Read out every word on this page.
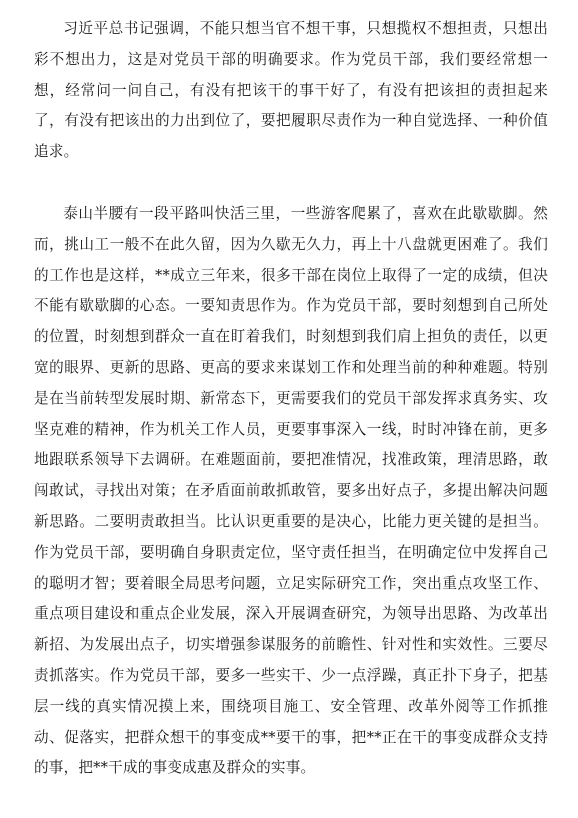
习近平总书记强调，不能只想当官不想干事，只想揽权不想担责，只想出彩不想出力，这是对党员干部的明确要求。作为党员干部，我们要经常想一想，经常问一问自己，有没有把该干的事干好了，有没有把该担的责担起来了，有没有把该出的力出到位了，要把履职尽责作为一种自觉选择、一种价值追求。

泰山半腰有一段平路叫快活三里，一些游客爬累了，喜欢在此歇歇脚。然而，挑山工一般不在此久留，因为久歇无久力，再上十八盘就更困难了。我们的工作也是这样，**成立三年来，很多干部在岗位上取得了一定的成绩，但决不能有歇歇脚的心态。一要知责思作为。作为党员干部，要时刻想到自己所处的位置，时刻想到群众一直在盯着我们，时刻想到我们肩上担负的责任，以更宽的眼界、更新的思路、更高的要求来谋划工作和处理当前的种种难题。特别是在当前转型发展时期、新常态下，更需要我们的党员干部发挥求真务实、攻坚克难的精神，作为机关工作人员，更要事事深入一线，时时冲锋在前，更多地跟联系领导下去调研。在难题面前，要把准情况，找准政策，理清思路，敢闯敢试，寻找出对策；在矛盾面前敢抓敢管，要多出好点子，多提出解决问题新思路。二要明责敢担当。比认识更重要的是决心，比能力更关键的是担当。作为党员干部，要明确自身职责定位，坚守责任担当，在明确定位中发挥自己的聪明才智；要着眼全局思考问题，立足实际研究工作，突出重点攻坚工作、重点项目建设和重点企业发展，深入开展调查研究，为领导出思路、为改革出新招、为发展出点子，切实增强参谋服务的前瞻性、针对性和实效性。三要尽责抓落实。作为党员干部，要多一些实干、少一点浮躁，真正扑下身子，把基层一线的真实情况摸上来，围绕项目施工、安全管理、改革外阅等工作抓推动、促落实，把群众想干的事变成**要干的事，把**正在干的事变成群众支持的事，把**干成的事变成惠及群众的实事。
